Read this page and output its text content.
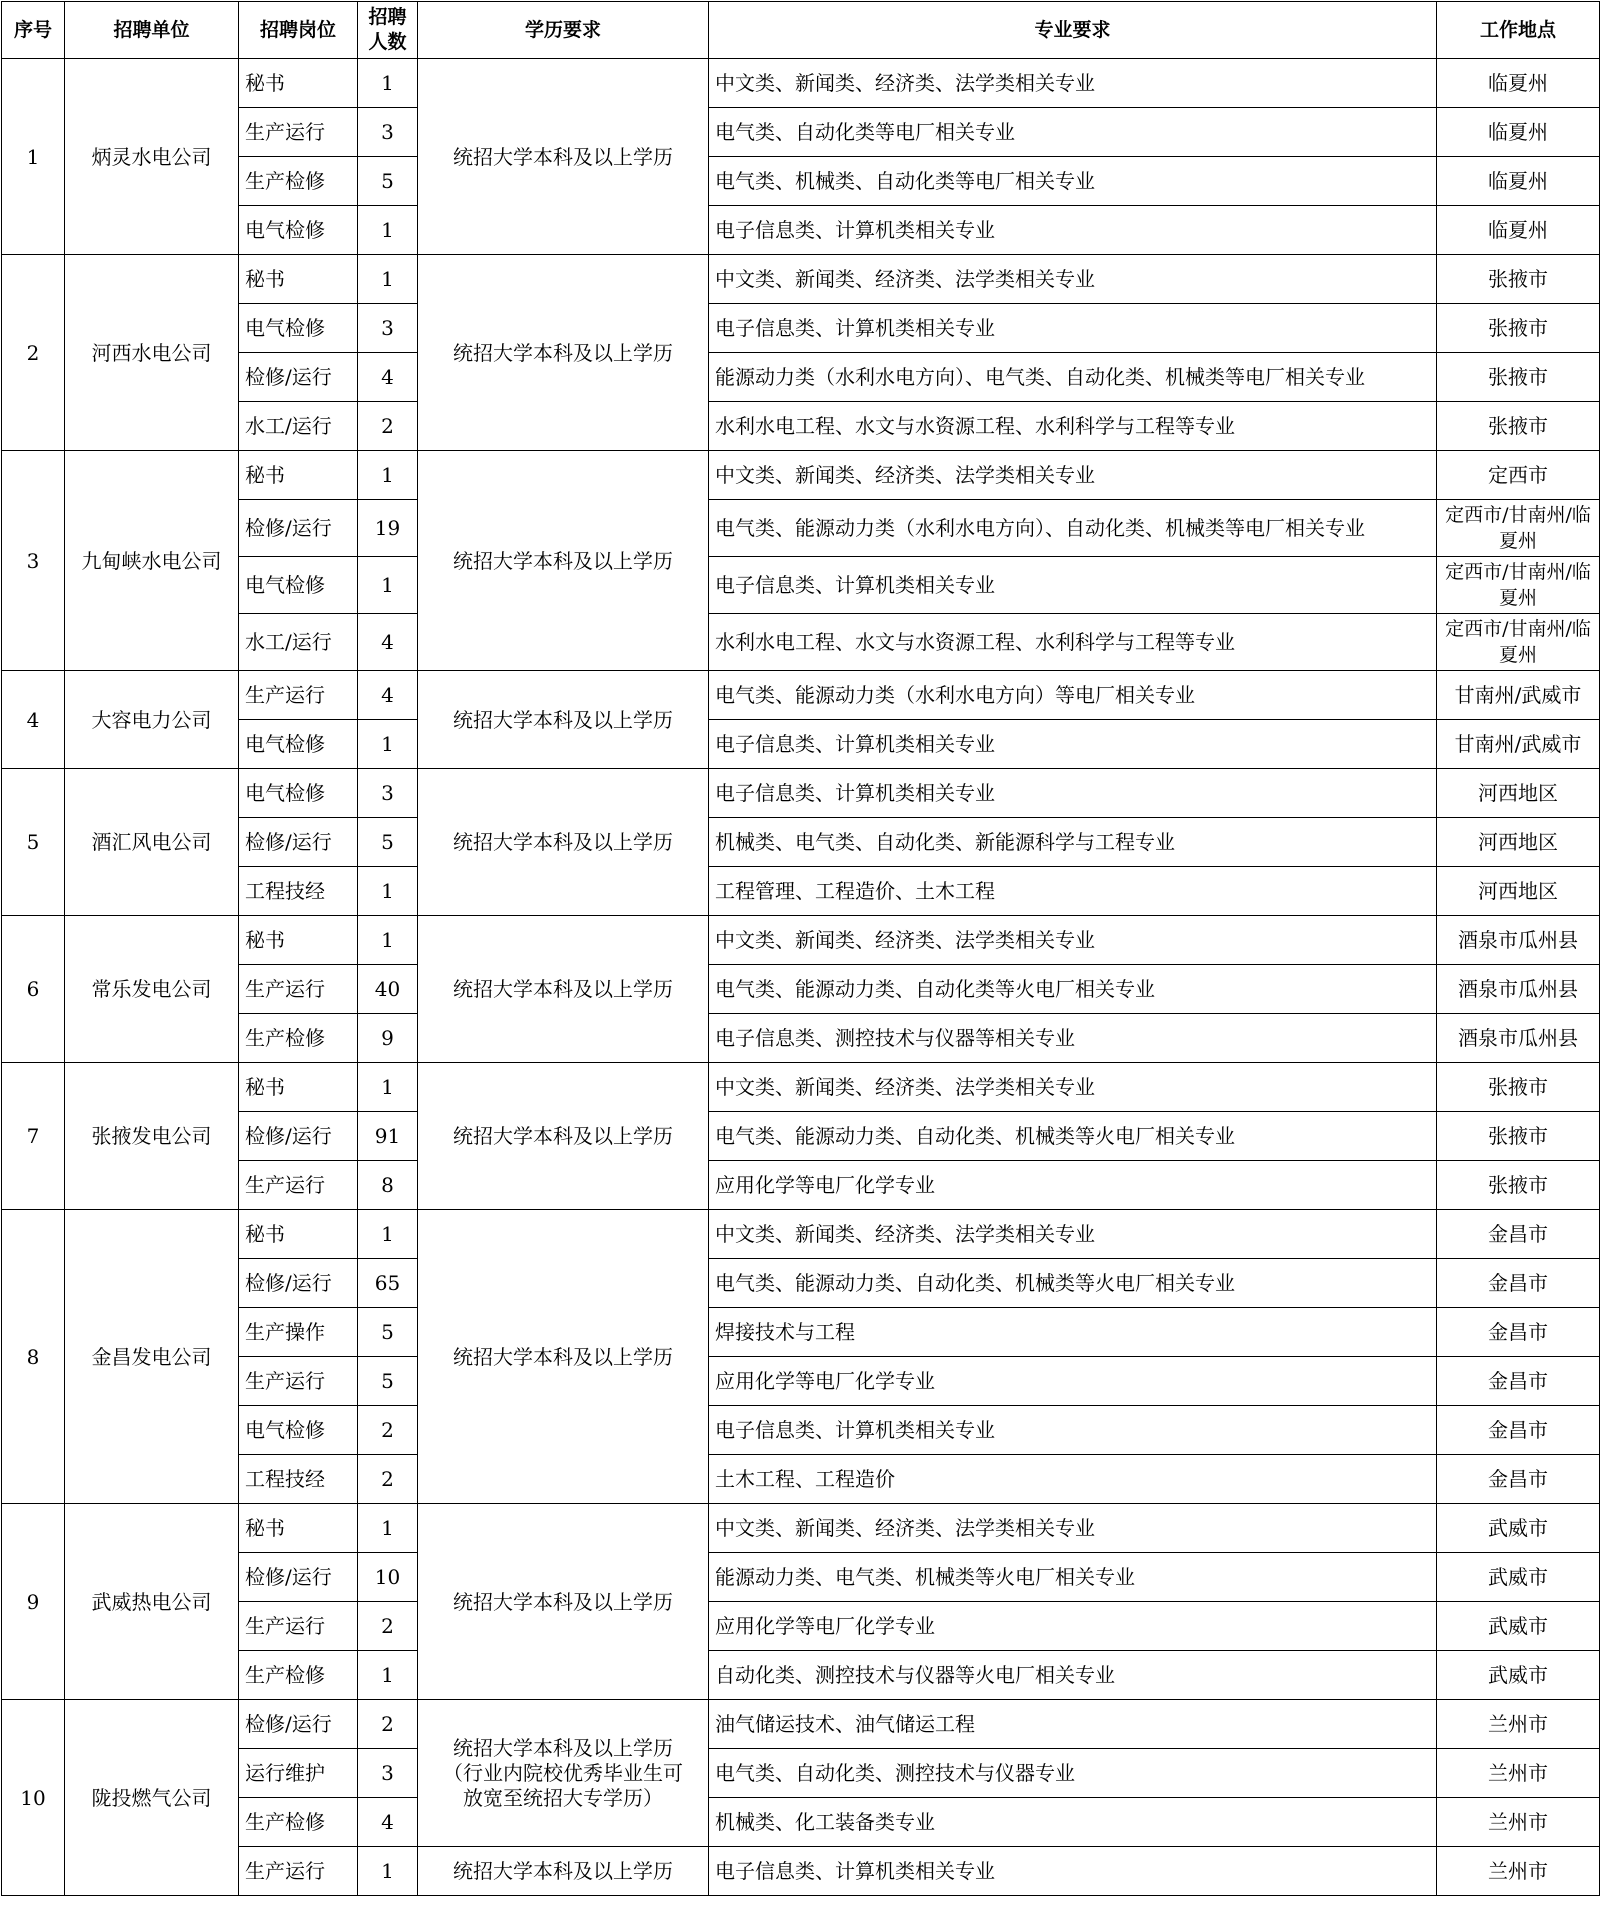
序号	招聘单位	招聘岗位	招聘人数	学历要求	专业要求	工作地点
1	炳灵水电公司	秘书	1	统招大学本科及以上学历	中文类、新闻类、经济类、法学类相关专业	临夏州
		生产运行	3		电气类、自动化类等电厂相关专业	临夏州
		生产检修	5		电气类、机械类、自动化类等电厂相关专业	临夏州
		电气检修	1		电子信息类、计算机类相关专业	临夏州
2	河西水电公司	秘书	1	统招大学本科及以上学历	中文类、新闻类、经济类、法学类相关专业	张掖市
		电气检修	3		电子信息类、计算机类相关专业	张掖市
		检修/运行	4		能源动力类（水利水电方向）、电气类、自动化类、机械类等电厂相关专业	张掖市
		水工/运行	2		水利水电工程、水文与水资源工程、水利科学与工程等专业	张掖市
3	九甸峡水电公司	秘书	1	统招大学本科及以上学历	中文类、新闻类、经济类、法学类相关专业	定西市
		检修/运行	19		电气类、能源动力类（水利水电方向）、自动化类、机械类等电厂相关专业	定西市/甘南州/临夏州
		电气检修	1		电子信息类、计算机类相关专业	定西市/甘南州/临夏州
		水工/运行	4		水利水电工程、水文与水资源工程、水利科学与工程等专业	定西市/甘南州/临夏州
4	大容电力公司	生产运行	4	统招大学本科及以上学历	电气类、能源动力类（水利水电方向）等电厂相关专业	甘南州/武威市
		电气检修	1		电子信息类、计算机类相关专业	甘南州/武威市
5	酒汇风电公司	电气检修	3	统招大学本科及以上学历	电子信息类、计算机类相关专业	河西地区
		检修/运行	5		机械类、电气类、自动化类、新能源科学与工程专业	河西地区
		工程技经	1		工程管理、工程造价、土木工程	河西地区
6	常乐发电公司	秘书	1	统招大学本科及以上学历	中文类、新闻类、经济类、法学类相关专业	酒泉市瓜州县
		生产运行	40		电气类、能源动力类、自动化类等火电厂相关专业	酒泉市瓜州县
		生产检修	9		电子信息类、测控技术与仪器等相关专业	酒泉市瓜州县
7	张掖发电公司	秘书	1	统招大学本科及以上学历	中文类、新闻类、经济类、法学类相关专业	张掖市
		检修/运行	91		电气类、能源动力类、自动化类、机械类等火电厂相关专业	张掖市
		生产运行	8		应用化学等电厂化学专业	张掖市
8	金昌发电公司	秘书	1	统招大学本科及以上学历	中文类、新闻类、经济类、法学类相关专业	金昌市
		检修/运行	65		电气类、能源动力类、自动化类、机械类等火电厂相关专业	金昌市
		生产操作	5		焊接技术与工程	金昌市
		生产运行	5		应用化学等电厂化学专业	金昌市
		电气检修	2		电子信息类、计算机类相关专业	金昌市
		工程技经	2		土木工程、工程造价	金昌市
9	武威热电公司	秘书	1	统招大学本科及以上学历	中文类、新闻类、经济类、法学类相关专业	武威市
		检修/运行	10		能源动力类、电气类、机械类等火电厂相关专业	武威市
		生产运行	2		应用化学等电厂化学专业	武威市
		生产检修	1		自动化类、测控技术与仪器等火电厂相关专业	武威市
10	陇投燃气公司	检修/运行	2	统招大学本科及以上学历（行业内院校优秀毕业生可放宽至统招大专学历）	油气储运技术、油气储运工程	兰州市
		运行维护	3		电气类、自动化类、测控技术与仪器专业	兰州市
		生产检修	4		机械类、化工装备类专业	兰州市
		生产运行	1	统招大学本科及以上学历	电子信息类、计算机类相关专业	兰州市
